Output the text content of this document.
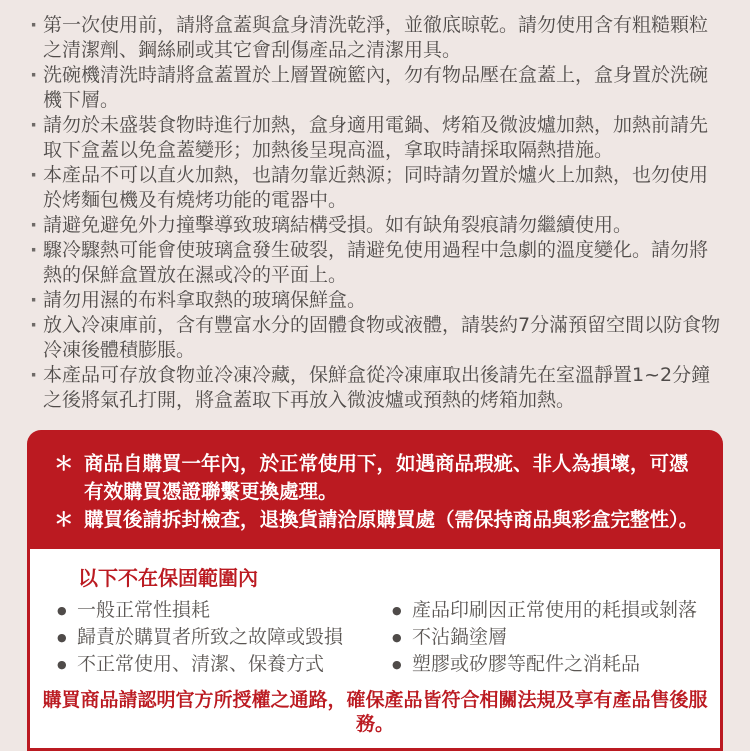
· 第一次使用前，請將盒蓋與盒身清洗乾淨，並徹底晾乾。請勿使用含有粗糙顆粒之清潔劑、鋼絲刷或其它會刮傷產品之清潔用具。
· 洗碗機清洗時請將盒蓋置於上層置碗籃內，勿有物品壓在盒蓋上，盒身置於洗碗機下層。
· 請勿於未盛裝食物時進行加熱，盒身適用電鍋、烤箱及微波爐加熱，加熱前請先取下盒蓋以免盒蓋變形；加熱後呈現高溫，拿取時請採取隔熱措施。
· 本產品不可以直火加熱，也請勿靠近熱源；同時請勿置於爐火上加熱，也勿使用於烤麵包機及有燒烤功能的電器中。
· 請避免避免外力撞擊導致玻璃結構受損。如有缺角裂痕請勿繼續使用。
· 驟冷驟熱可能會使玻璃盒發生破裂，請避免使用過程中急劇的溫度變化。請勿將熱的保鮮盒置放在濕或冷的平面上。
· 請勿用濕的布料拿取熱的玻璃保鮮盒。
· 放入冷凍庫前，含有豐富水分的固體食物或液體，請裝約7分滿預留空間以防食物冷凍後體積膨脹。
· 本產品可存放食物並冷凍冷藏，保鮮盒從冷凍庫取出後請先在室溫靜置1~2分鐘之後將氣孔打開，將盒蓋取下再放入微波爐或預熱的烤箱加熱。
＊ 商品自購買一年內，於正常使用下，如遇商品瑕疵、非人為損壞，可憑有效購買憑證聯繫更換處理。
＊ 購買後請拆封檢查，退換貨請洽原購買處（需保持商品與彩盒完整性）。
以下不在保固範圍內
● 一般正常性損耗
● 歸責於購買者所致之故障或毀損
● 不正常使用、清潔、保養方式
● 產品印刷因正常使用的耗損或剝落
● 不沾鍋塗層
● 塑膠或矽膠等配件之消耗品
購買商品請認明官方所授權之通路，確保產品皆符合相關法規及享有產品售後服務。
